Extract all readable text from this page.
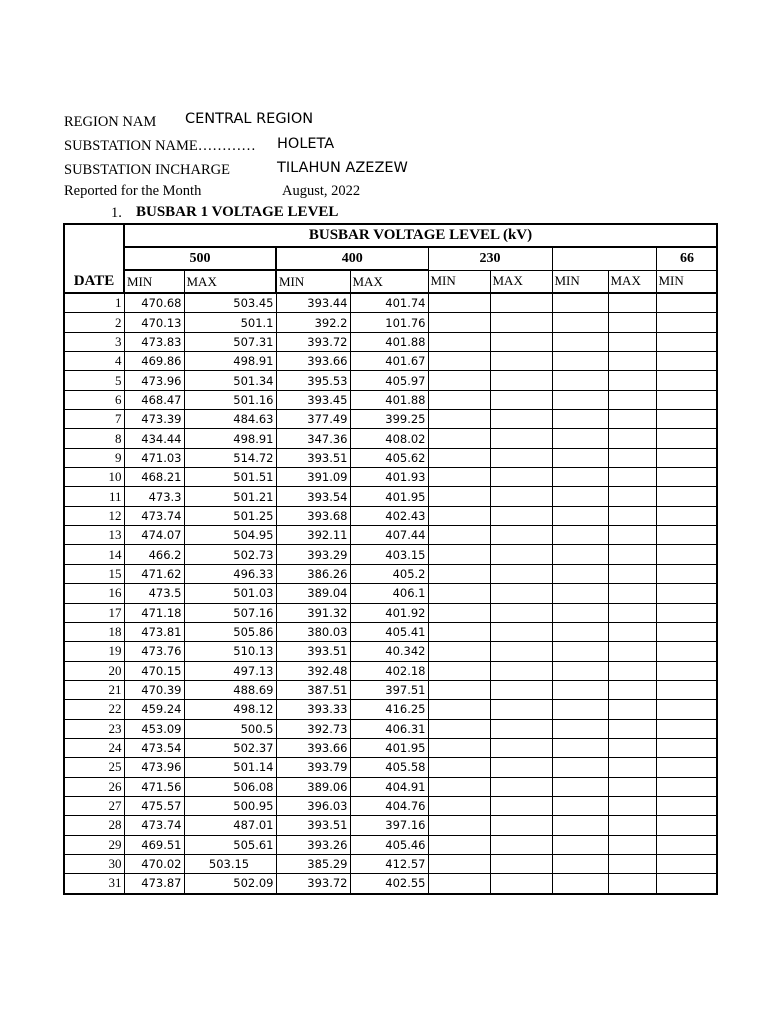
REGION NAM CENTRAL REGION
SUBSTATION NAME………… HOLETA
SUBSTATION INCHARGE	TILAHUN AZEZEW
Reported for the Month	August, 2022
1. BUSBAR 1 VOLTAGE LEVEL
DATE	BUSBAR VOLTAGE LEVEL (kV)								
	500		400		230				66
	MIN	MAX	MIN	MAX	MIN	MAX	MIN	MAX	MIN
1	470.68	503.45	393.44	401.74					
2	470.13	501.1	392.2	101.76					
3	473.83	507.31	393.72	401.88					
4	469.86	498.91	393.66	401.67					
5	473.96	501.34	395.53	405.97					
6	468.47	501.16	393.45	401.88					
7	473.39	484.63	377.49	399.25					
8	434.44	498.91	347.36	408.02					
9	471.03	514.72	393.51	405.62					
10	468.21	501.51	391.09	401.93					
11	473.3	501.21	393.54	401.95					
12	473.74	501.25	393.68	402.43					
13	474.07	504.95	392.11	407.44					
14	466.2	502.73	393.29	403.15					
15	471.62	496.33	386.26	405.2					
16	473.5	501.03	389.04	406.1					
17	471.18	507.16	391.32	401.92					
18	473.81	505.86	380.03	405.41					
19	473.76	510.13	393.51	40.342					
20	470.15	497.13	392.48	402.18					
21	470.39	488.69	387.51	397.51					
22	459.24	498.12	393.33	416.25					
23	453.09	500.5	392.73	406.31					
24	473.54	502.37	393.66	401.95					
25	473.96	501.14	393.79	405.58					
26	471.56	506.08	389.06	404.91					
27	475.57	500.95	396.03	404.76					
28	473.74	487.01	393.51	397.16					
29	469.51	505.61	393.26	405.46					
30	470.02	503.15	385.29	412.57					
31	473.87	502.09	393.72	402.55					
